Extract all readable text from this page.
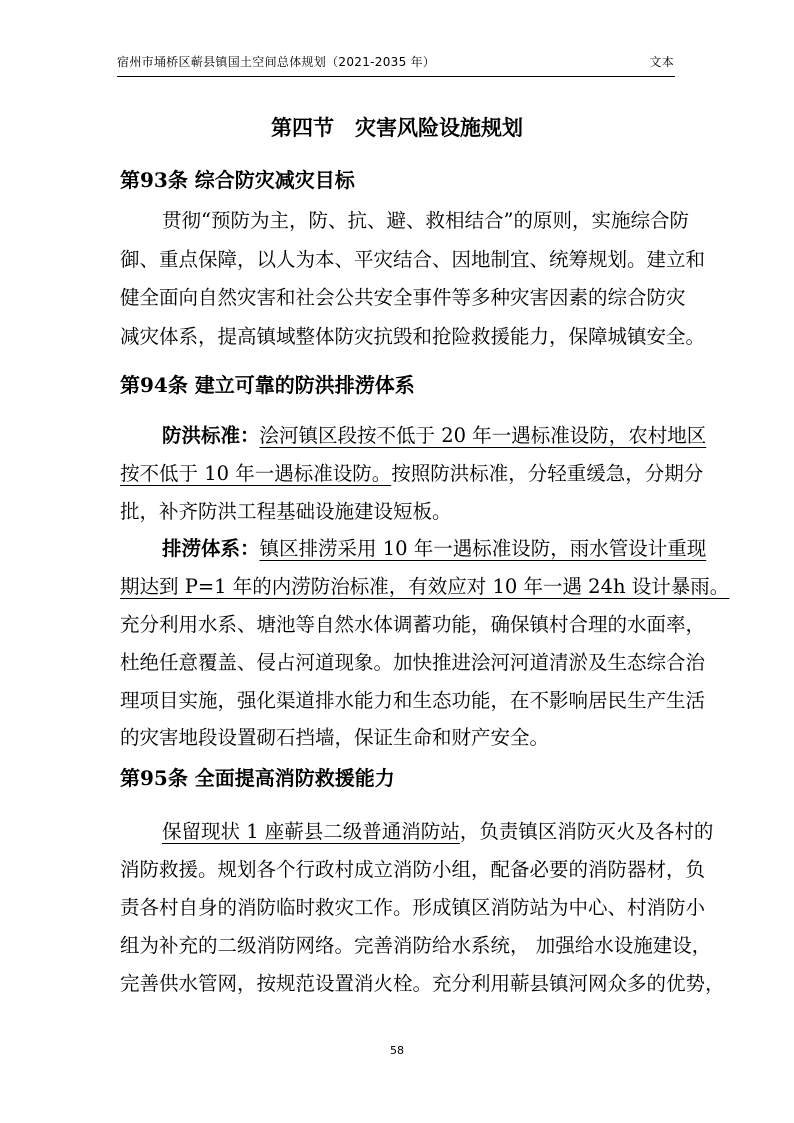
宿州市埇桥区蕲县镇国土空间总体规划（2021-2035 年）	文本
第四节　灾害风险设施规划
第93条 综合防灾减灾目标
贯彻“预防为主，防、抗、避、救相结合”的原则，实施综合防
御、重点保障，以人为本、平灾结合、因地制宜、统筹规划。建立和
健全面向自然灾害和社会公共安全事件等多种灾害因素的综合防灾
减灾体系，提高镇域整体防灾抗毁和抢险救援能力，保障城镇安全。
第94条 建立可靠的防洪排涝体系
防洪标准：浍河镇区段按不低于 20 年一遇标准设防，农村地区
按不低于 10 年一遇标准设防。按照防洪标准，分轻重缓急，分期分
批，补齐防洪工程基础设施建设短板。
排涝体系：镇区排涝采用 10 年一遇标准设防，雨水管设计重现
期达到 P=1 年的内涝防治标准，有效应对 10 年一遇 24h 设计暴雨。
充分利用水系、塘池等自然水体调蓄功能，确保镇村合理的水面率，
杜绝任意覆盖、侵占河道现象。加快推进浍河河道清淤及生态综合治
理项目实施，强化渠道排水能力和生态功能，在不影响居民生产生活
的灾害地段设置砌石挡墙，保证生命和财产安全。
第95条 全面提高消防救援能力
保留现状 1 座蕲县二级普通消防站，负责镇区消防灭火及各村的
消防救援。规划各个行政村成立消防小组，配备必要的消防器材，负
责各村自身的消防临时救灾工作。形成镇区消防站为中心、村消防小
组为补充的二级消防网络。完善消防给水系统， 加强给水设施建设，
完善供水管网，按规范设置消火栓。充分利用蕲县镇河网众多的优势，
58
